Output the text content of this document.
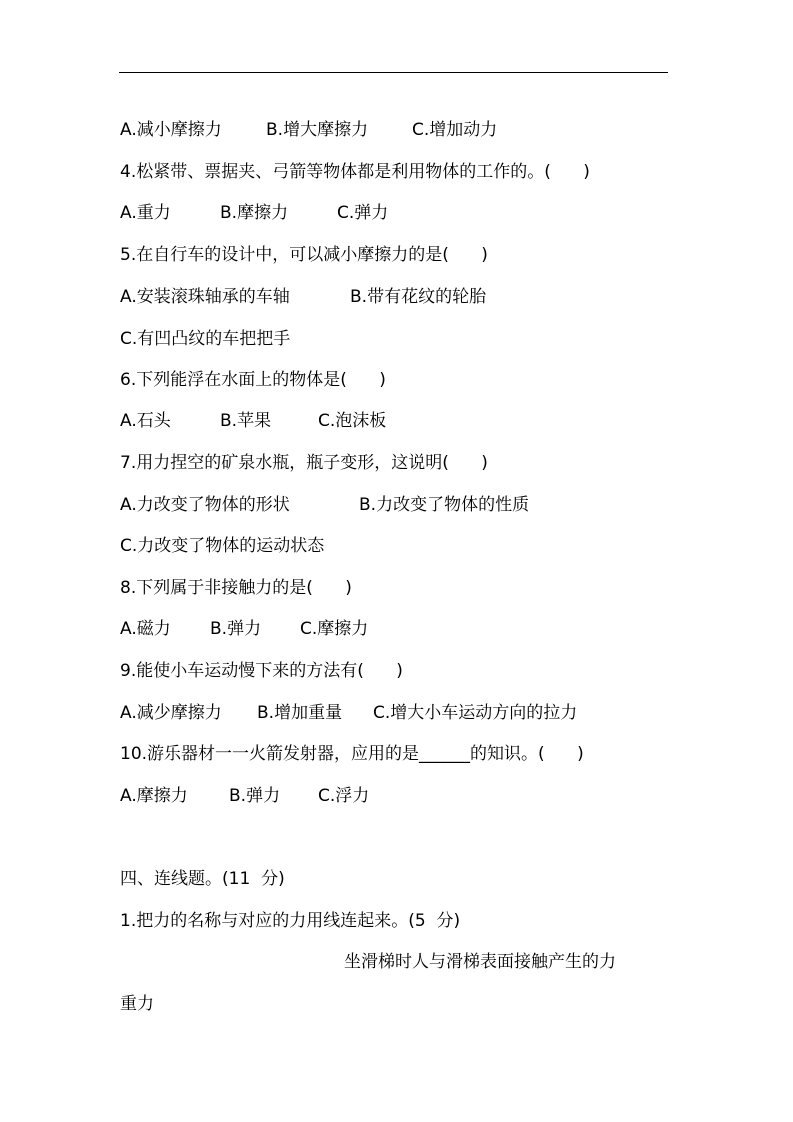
A.减小摩擦力	B.增大摩擦力	C.增加动力
4.松紧带、票据夹、弓箭等物体都是利用物体的工作的。(      )
A.重力	B.摩擦力	C.弹力
5.在自行车的设计中，可以减小摩擦力的是(      )
A.安装滚珠轴承的车轴	B.带有花纹的轮胎
C.有凹凸纹的车把把手
6.下列能浮在水面上的物体是(      )
A.石头	B.苹果	C.泡沫板
7.用力捏空的矿泉水瓶，瓶子变形，这说明(      )
A.力改变了物体的形状	B.力改变了物体的性质
C.力改变了物体的运动状态
8.下列属于非接触力的是(      )
A.磁力 B.弹力 C.摩擦力
9.能使小车运动慢下来的方法有(      )
A.减少摩擦力 B.增加重量 C.增大小车运动方向的拉力
10.游乐器材一一火箭发射器，应用的是______的知识。(      )
A.摩擦力 B.弹力 C.浮力
四、连线题。(11  分)
1.把力的名称与对应的力用线连起来。(5  分)
坐滑梯时人与滑梯表面接触产生的力
重力
